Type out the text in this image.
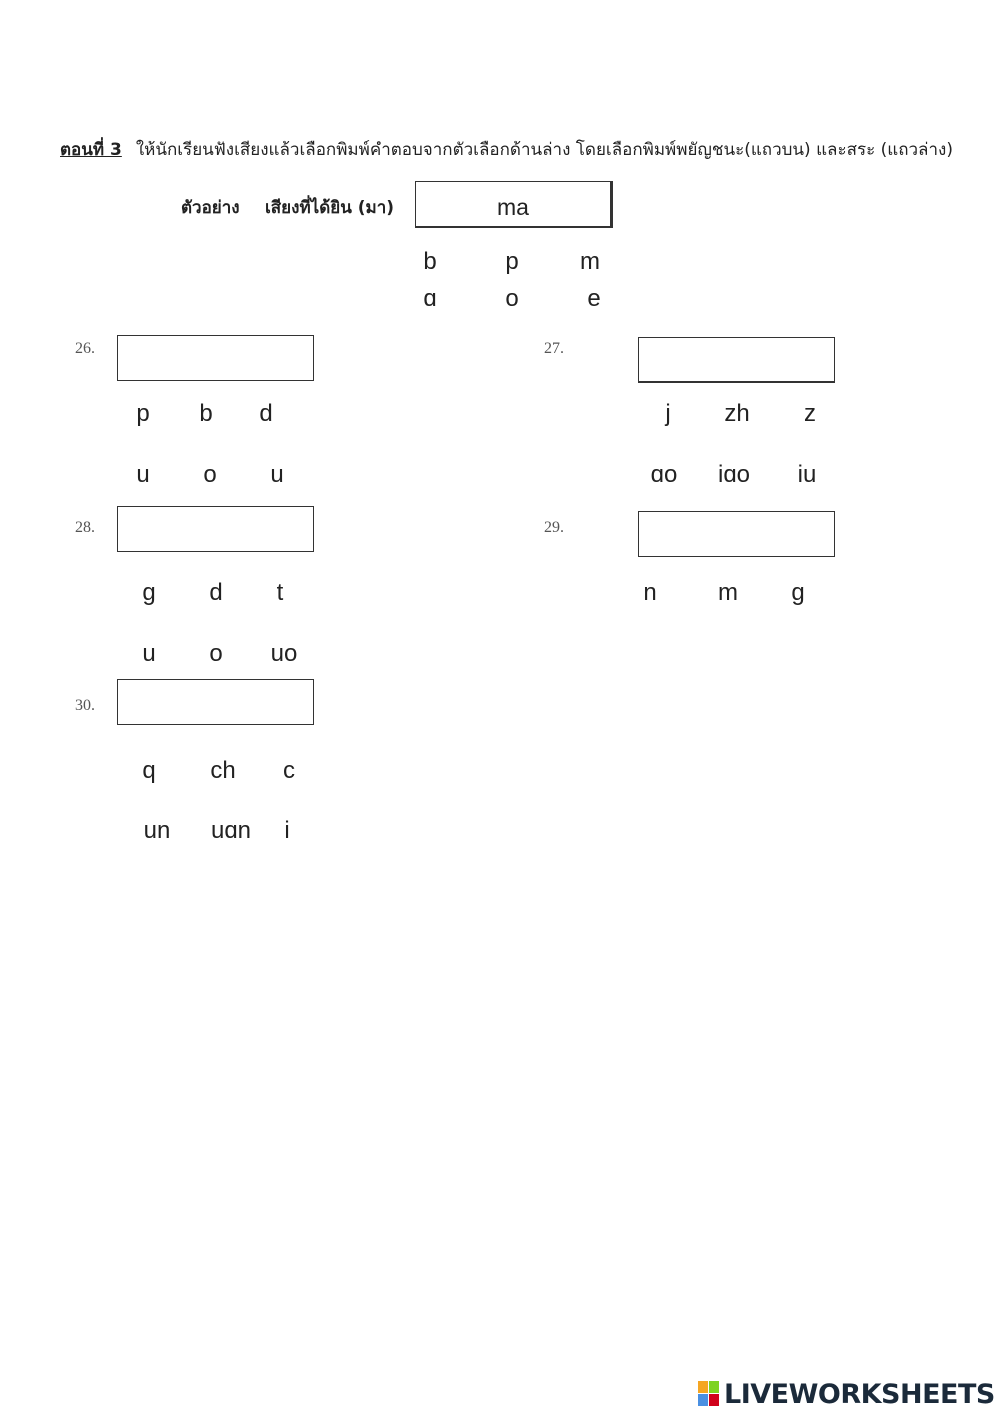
ตอนที่ 3 ให้นักเรียนฟังเสียงแล้วเลือกพิมพ์คำตอบจากตัวเลือกด้านล่าง โดยเลือกพิมพ์พยัญชนะ(แถวบน) และสระ (แถวล่าง)
ตัวอย่าง เสียงที่ได้ยิน (มา)	ma
b	p	m
ɑ	o	e
26.
p b d
u o u
27.
j zh z
ɑo iɑo iu
28.
g d t
u o uo
29.
n	m g
30.
q ch c
un uɑn i
LIVEWORKSHEETS
